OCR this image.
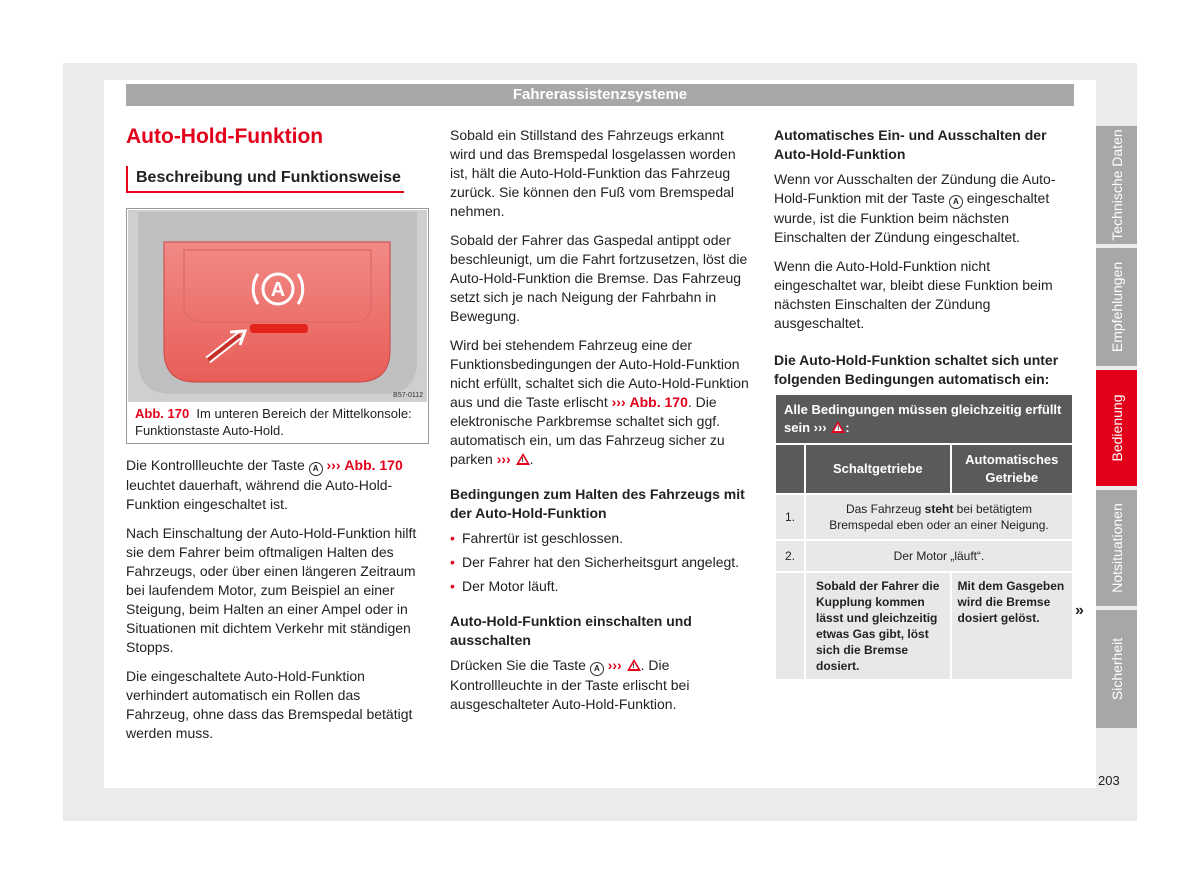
Fahrerassistenzsysteme
Auto-Hold-Funktion
Beschreibung und Funktionsweise
A
B57-0112
Abb. 170 Im unteren Bereich der Mittelkonsole: Funktionstaste Auto-Hold.

Die Kontrollleuchte der Taste A ››› Abb. 170 leuchtet dauerhaft, während die Auto-Hold-Funktion eingeschaltet ist.

Nach Einschaltung der Auto-Hold-Funktion hilft sie dem Fahrer beim oftmaligen Halten des Fahrzeugs, oder über einen längeren Zeitraum bei laufendem Motor, zum Beispiel an einer Steigung, beim Halten an einer Ampel oder in Situationen mit dichtem Verkehr mit ständigen Stopps.

Die eingeschaltete Auto-Hold-Funktion verhindert automatisch ein Rollen das Fahrzeug, ohne dass das Bremspedal betätigt werden muss.

Sobald ein Stillstand des Fahrzeugs erkannt wird und das Bremspedal losgelassen worden ist, hält die Auto-Hold-Funktion das Fahrzeug zurück. Sie können den Fuß vom Bremspedal nehmen.

Sobald der Fahrer das Gaspedal antippt oder beschleunigt, um die Fahrt fortzusetzen, löst die Auto-Hold-Funktion die Bremse. Das Fahrzeug setzt sich je nach Neigung der Fahrbahn in Bewegung.

Wird bei stehendem Fahrzeug eine der Funktionsbedingungen der Auto-Hold-Funktion nicht erfüllt, schaltet sich die Auto-Hold-Funktion aus und die Taste erlischt ››› Abb. 170. Die elektronische Parkbremse schaltet sich ggf. automatisch ein, um das Fahrzeug sicher zu parken ››› ! .

Bedingungen zum Halten des Fahrzeugs mit der Auto-Hold-Funktion
• Fahrertür ist geschlossen.
• Der Fahrer hat den Sicherheitsgurt angelegt.
• Der Motor läuft.
Auto-Hold-Funktion einschalten und ausschalten

Drücken Sie die Taste A ››› ! . Die Kontrollleuchte in der Taste erlischt bei ausgeschalteter Auto-Hold-Funktion.

Automatisches Ein- und Ausschalten der Auto-Hold-Funktion

Wenn vor Ausschalten der Zündung die Auto-Hold-Funktion mit der Taste A eingeschaltet wurde, ist die Funktion beim nächsten Einschalten der Zündung eingeschaltet.

Wenn die Auto-Hold-Funktion nicht eingeschaltet war, bleibt diese Funktion beim nächsten Einschalten der Zündung ausgeschaltet.

Die Auto-Hold-Funktion schaltet sich unter folgenden Bedingungen automatisch ein:
Alle Bedingungen müssen gleichzeitig erfüllt sein ››› ! :		
	Schaltgetriebe	Automatisches Getriebe
1.	Das Fahrzeug steht bei betätigtem Bremspedal eben oder an einer Neigung.	
2.	Der Motor „läuft“.	
	Sobald der Fahrer die Kupplung kommen lässt und gleichzeitig etwas Gas gibt, löst sich die Bremse dosiert.	Mit dem Gasgeben wird die Bremse dosiert gelöst. »
Technische Daten
Empfehlungen
Bedienung
Notsituationen
Sicherheit
203
